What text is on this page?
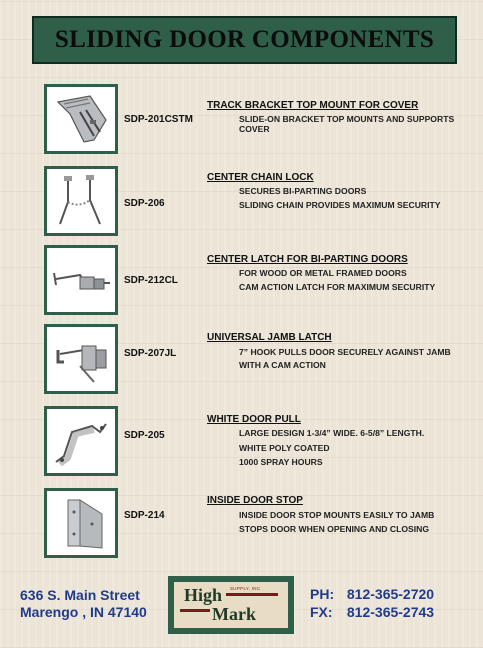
SLIDING DOOR COMPONENTS
SDP-201CSTM
TRACK BRACKET TOP MOUNT FOR COVER
SLIDE-ON BRACKET TOP MOUNTS AND SUPPORTS COVER
SDP-206
CENTER CHAIN LOCK
SECURES BI-PARTING DOORS
SLIDING CHAIN PROVIDES MAXIMUM SECURITY
SDP-212CL
CENTER LATCH FOR BI-PARTING DOORS
FOR WOOD OR METAL FRAMED DOORS
CAM ACTION LATCH FOR MAXIMUM SECURITY
SDP-207JL
UNIVERSAL JAMB LATCH
7” HOOK PULLS DOOR SECURELY AGAINST JAMB
WITH A CAM ACTION
SDP-205
WHITE DOOR PULL
LARGE DESIGN 1-3/4” WIDE. 6-5/8” LENGTH.
WHITE POLY COATED
1000 SPRAY HOURS
SDP-214
INSIDE DOOR STOP
INSIDE DOOR STOP MOUNTS EASILY TO JAMB
STOPS DOOR WHEN OPENING AND CLOSING
636 S. Main Street
Marengo , IN 47140
High SUPPLY, INC
Mark
PH: 812-365-2720
FX: 812-365-2743
